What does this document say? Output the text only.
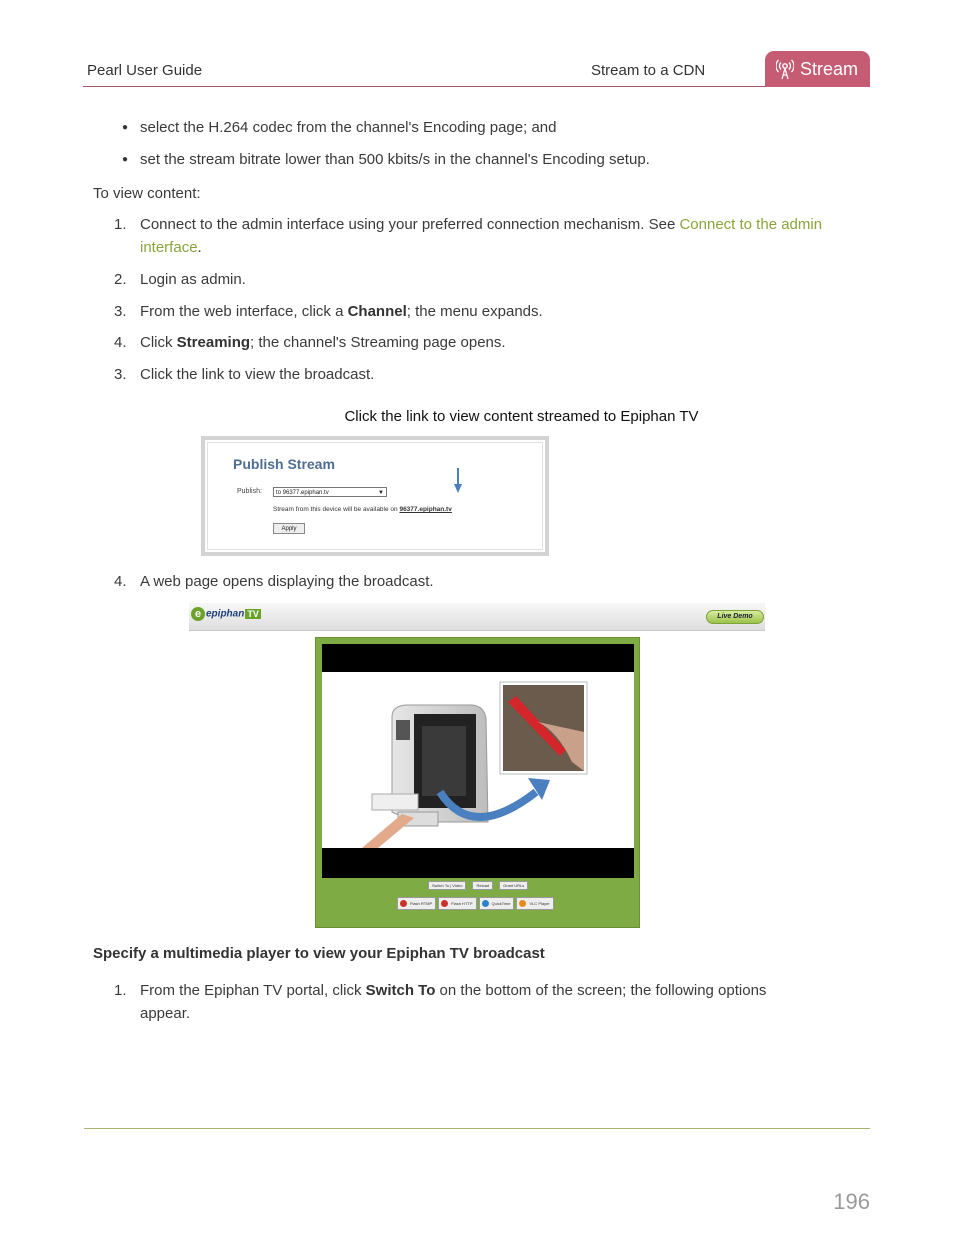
Pearl User Guide	Stream to a CDN	Stream
● select the H.264 codec from the channel's Encoding page; and
● set the stream bitrate lower than 500 kbits/s in the channel's Encoding setup.
To view content:
1. Connect to the admin interface using your preferred connection mechanism. See Connect to the admin
interface.
2. Login as admin.
3. From the web interface, click a Channel; the menu expands.
4. Click Streaming; the channel's Streaming page opens.
3. Click the link to view the broadcast.
Click the link to view content streamed to Epiphan TV
Publish Stream
Publish:	to 96377.epiphan.tv	▼
Stream from this device will be available on 96377.epiphan.tv
Apply
4. A web page opens displaying the broadcast.
e epiphan TV	Live Demo
Switch To | Video	Reload	Grant URLs
Flash RTMP	Flash HTTP	QuickTime	VLC Player
Specify a multimedia player to view your Epiphan TV broadcast
1. From the Epiphan TV portal, click Switch To on the bottom of the screen; the following options
appear.
196
